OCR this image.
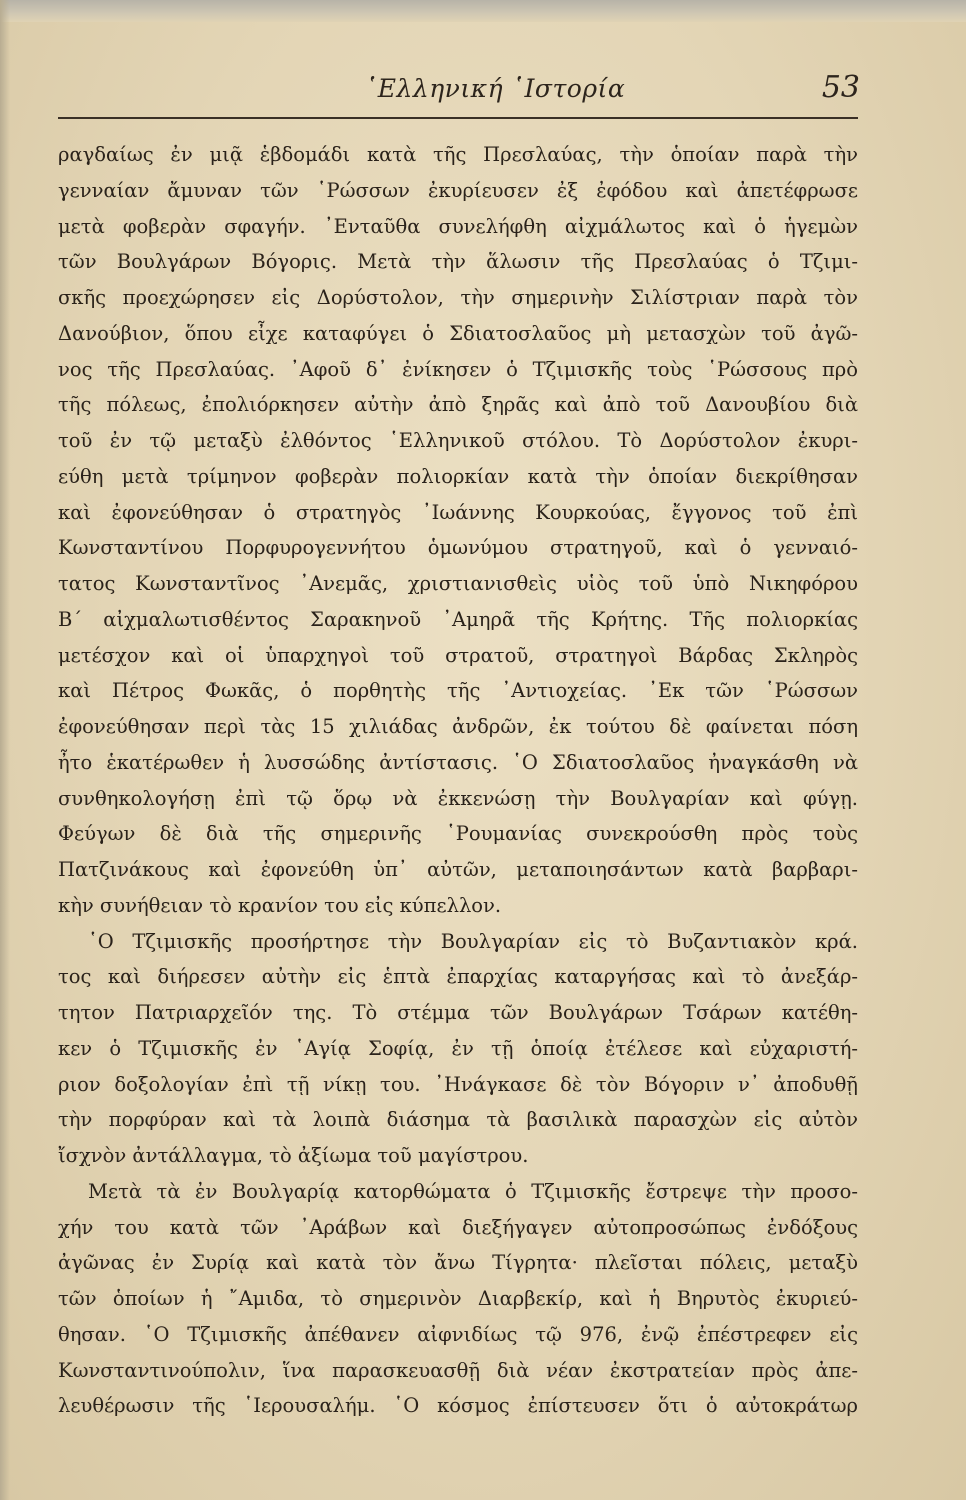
῾Ελληνική ῾Ιστορία	53
ραγδαίως ἐν μιᾷ ἑβδομάδι κατὰ τῆς Πρεσλαύας, τὴν ὁποίαν παρὰ τὴν
γενναίαν ἄμυναν τῶν ῾Ρώσσων ἐκυρίευσεν ἐξ ἐφόδου καὶ ἀπετέφρωσε
μετὰ φοβερὰν σφαγήν. ᾿Ενταῦθα συνελήφθη αἰχμάλωτος καὶ ὁ ἡγεμὼν
τῶν Βουλγάρων Βόγορις. Μετὰ τὴν ἅλωσιν τῆς Πρεσλαύας ὁ Τζιμι-
σκῆς προεχώρησεν εἰς Δορύστολον, τὴν σημερινὴν Σιλίστριαν παρὰ τὸν
Δανούβιον, ὅπου εἶχε καταφύγει ὁ Σδιατοσλαῦος μὴ μετασχὼν τοῦ ἀγῶ-
νος τῆς Πρεσλαύας. ᾿Αφοῦ δ᾿ ἐνίκησεν ὁ Τζιμισκῆς τοὺς ῾Ρώσσους πρὸ
τῆς πόλεως, ἐπολιόρκησεν αὐτὴν ἀπὸ ξηρᾶς καὶ ἀπὸ τοῦ Δανουβίου διὰ
τοῦ ἐν τῷ μεταξὺ ἐλθόντος ῾Ελληνικοῦ στόλου. Τὸ Δορύστολον ἐκυρι-
εύθη μετὰ τρίμηνον φοβερὰν πολιορκίαν κατὰ τὴν ὁποίαν διεκρίθησαν
καὶ ἐφονεύθησαν ὁ στρατηγὸς ᾿Ιωάννης Κουρκούας, ἔγγονος τοῦ ἐπὶ
Κωνσταντίνου Πορφυρογεννήτου ὁμωνύμου στρατηγοῦ, καὶ ὁ γενναιό-
τατος Κωνσταντῖνος ᾿Ανεμᾶς, χριστιανισθεὶς υἱὸς τοῦ ὑπὸ Νικηφόρου
Β΄ αἰχμαλωτισθέντος Σαρακηνοῦ ᾿Αμηρᾶ τῆς Κρήτης. Τῆς πολιορκίας
μετέσχον καὶ οἱ ὑπαρχηγοὶ τοῦ στρατοῦ, στρατηγοὶ Βάρδας Σκληρὸς
καὶ Πέτρος Φωκᾶς, ὁ πορθητὴς τῆς ᾿Αντιοχείας. ᾿Εκ τῶν ῾Ρώσσων
ἐφονεύθησαν περὶ τὰς 15 χιλιάδας ἀνδρῶν, ἐκ τούτου δὲ φαίνεται πόση
ἦτο ἑκατέρωθεν ἡ λυσσώδης ἀντίστασις. ῾Ο Σδιατοσλαῦος ἠναγκάσθη νὰ
συνθηκολογήσῃ ἐπὶ τῷ ὅρῳ νὰ ἐκκενώσῃ τὴν Βουλγαρίαν καὶ φύγῃ.
Φεύγων δὲ διὰ τῆς σημερινῆς ῾Ρουμανίας συνεκρούσθη πρὸς τοὺς
Πατζινάκους καὶ ἐφονεύθη ὑπ᾿ αὐτῶν, μεταποιησάντων κατὰ βαρβαρι-
κὴν συνήθειαν τὸ κρανίον του εἰς κύπελλον.
῾Ο Τζιμισκῆς προσήρτησε τὴν Βουλγαρίαν εἰς τὸ Βυζαντιακὸν κρά.
τος καὶ διήρεσεν αὐτὴν εἰς ἑπτὰ ἐπαρχίας καταργήσας καὶ τὸ ἀνεξάρ-
τητον Πατριαρχεῖόν της. Τὸ στέμμα τῶν Βουλγάρων Τσάρων κατέθη-
κεν ὁ Τζιμισκῆς ἐν ῾Αγίᾳ Σοφίᾳ, ἐν τῇ ὁποίᾳ ἐτέλεσε καὶ εὐχαριστή-
ριον δοξολογίαν ἐπὶ τῇ νίκῃ του. ᾿Ηνάγκασε δὲ τὸν Βόγοριν ν᾿ ἀποδυθῇ
τὴν πορφύραν καὶ τὰ λοιπὰ διάσημα τὰ βασιλικὰ παρασχὼν εἰς αὐτὸν
ἴσχνὸν ἀντάλλαγμα, τὸ ἀξίωμα τοῦ μαγίστρου.
Μετὰ τὰ ἐν Βουλγαρίᾳ κατορθώματα ὁ Τζιμισκῆς ἔστρεψε τὴν προσο-
χήν του κατὰ τῶν ᾿Αράβων καὶ διεξήγαγεν αὐτοπροσώπως ἐνδόξους
ἀγῶνας ἐν Συρίᾳ καὶ κατὰ τὸν ἄνω Τίγρητα· πλεῖσται πόλεις, μεταξὺ
τῶν ὁποίων ἡ ῎Αμιδα, τὸ σημερινὸν Διαρβεκίρ, καὶ ἡ Βηρυτὸς ἐκυριεύ-
θησαν. ῾Ο Τζιμισκῆς ἀπέθανεν αἰφνιδίως τῷ 976, ἐνῷ ἐπέστρεφεν εἰς
Κωνσταντινούπολιν, ἵνα παρασκευασθῇ διὰ νέαν ἐκστρατείαν πρὸς ἀπε-
λευθέρωσιν τῆς ῾Ιερουσαλήμ. ῾Ο κόσμος ἐπίστευσεν ὅτι ὁ αὐτοκράτωρ
